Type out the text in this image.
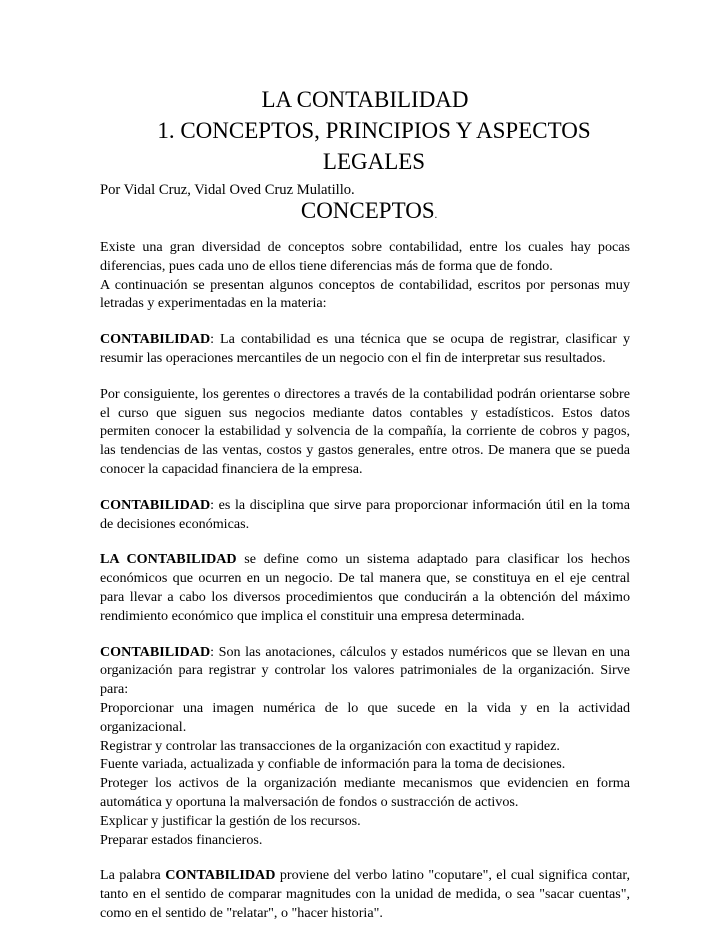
LA CONTABILIDAD
1. CONCEPTOS, PRINCIPIOS Y ASPECTOS LEGALES

Por Vidal Cruz, Vidal Oved Cruz Mulatillo.

CONCEPTOS.

Existe una gran diversidad de conceptos sobre contabilidad, entre los cuales hay pocas diferencias, pues cada uno de ellos tiene diferencias más de forma que de fondo.

A continuación se presentan algunos conceptos de contabilidad, escritos por personas muy letradas y experimentadas en la materia:

CONTABILIDAD: La contabilidad es una técnica que se ocupa de registrar, clasificar y resumir las operaciones mercantiles de un negocio con el fin de interpretar sus resultados.

Por consiguiente, los gerentes o directores a través de la contabilidad podrán orientarse sobre el curso que siguen sus negocios mediante datos contables y estadísticos. Estos datos permiten conocer la estabilidad y solvencia de la compañía, la corriente de cobros y pagos, las tendencias de las ventas, costos y gastos generales, entre otros. De manera que se pueda conocer la capacidad financiera de la empresa.

CONTABILIDAD: es la disciplina que sirve para proporcionar información útil en la toma de decisiones económicas.

LA CONTABILIDAD se define como un sistema adaptado para clasificar los hechos económicos que ocurren en un negocio. De tal manera que, se constituya en el eje central para llevar a cabo los diversos procedimientos que conducirán a la obtención del máximo rendimiento económico que implica el constituir una empresa determinada.

CONTABILIDAD: Son las anotaciones, cálculos y estados numéricos que se llevan en una organización para registrar y controlar los valores patrimoniales de la organización. Sirve para:

Proporcionar una imagen numérica de lo que sucede en la vida y en la actividad organizacional.

Registrar y controlar las transacciones de la organización con exactitud y rapidez.

Fuente variada, actualizada y confiable de información para la toma de decisiones.

Proteger los activos de la organización mediante mecanismos que evidencien en forma automática y oportuna la malversación de fondos o sustracción de activos.

Explicar y justificar la gestión de los recursos.

Preparar estados financieros.

La palabra CONTABILIDAD proviene del verbo latino "coputare", el cual significa contar, tanto en el sentido de comparar magnitudes con la unidad de medida, o sea "sacar cuentas", como en el sentido de "relatar", o "hacer historia".
